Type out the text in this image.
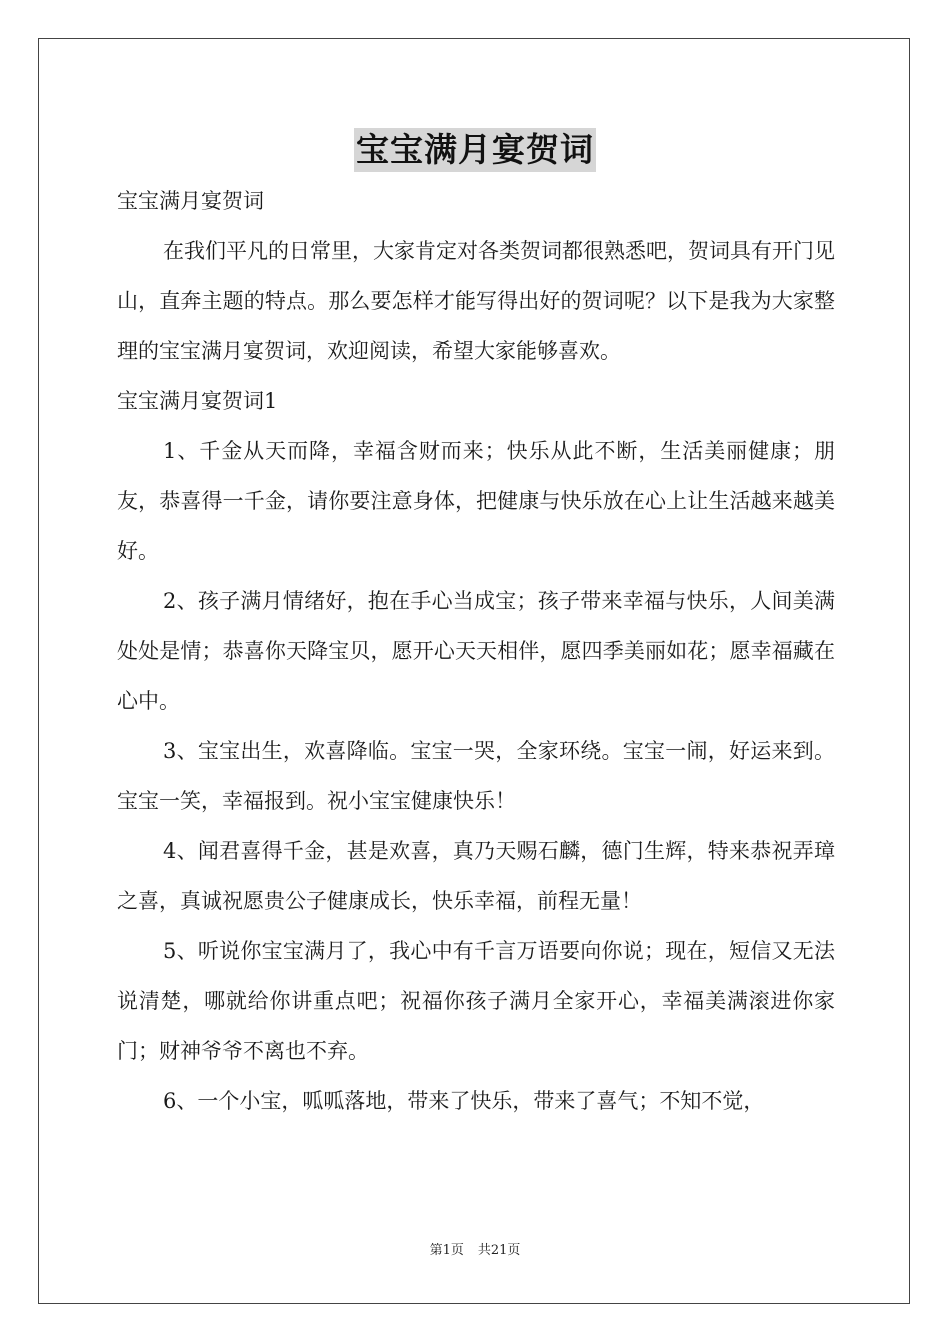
宝宝满月宴贺词

宝宝满月宴贺词

在我们平凡的日常里，大家肯定对各类贺词都很熟悉吧，贺词具有开门见山，直奔主题的特点。那么要怎样才能写得出好的贺词呢？以下是我为大家整理的宝宝满月宴贺词，欢迎阅读，希望大家能够喜欢。

宝宝满月宴贺词1

1、千金从天而降，幸福含财而来；快乐从此不断，生活美丽健康；朋友，恭喜得一千金，请你要注意身体，把健康与快乐放在心上让生活越来越美好。

2、孩子满月情绪好，抱在手心当成宝；孩子带来幸福与快乐，人间美满处处是情；恭喜你天降宝贝，愿开心天天相伴，愿四季美丽如花；愿幸福藏在心中。

3、宝宝出生，欢喜降临。宝宝一哭，全家环绕。宝宝一闹，好运来到。宝宝一笑，幸福报到。祝小宝宝健康快乐！

4、闻君喜得千金，甚是欢喜，真乃天赐石麟，德门生辉，特来恭祝弄璋之喜，真诚祝愿贵公子健康成长，快乐幸福，前程无量！

5、听说你宝宝满月了，我心中有千言万语要向你说；现在，短信又无法说清楚，哪就给你讲重点吧；祝福你孩子满月全家开心，幸福美满滚进你家门；财神爷爷不离也不弃。

6、一个小宝，呱呱落地，带来了快乐，带来了喜气；不知不觉，

第1页 共21页
